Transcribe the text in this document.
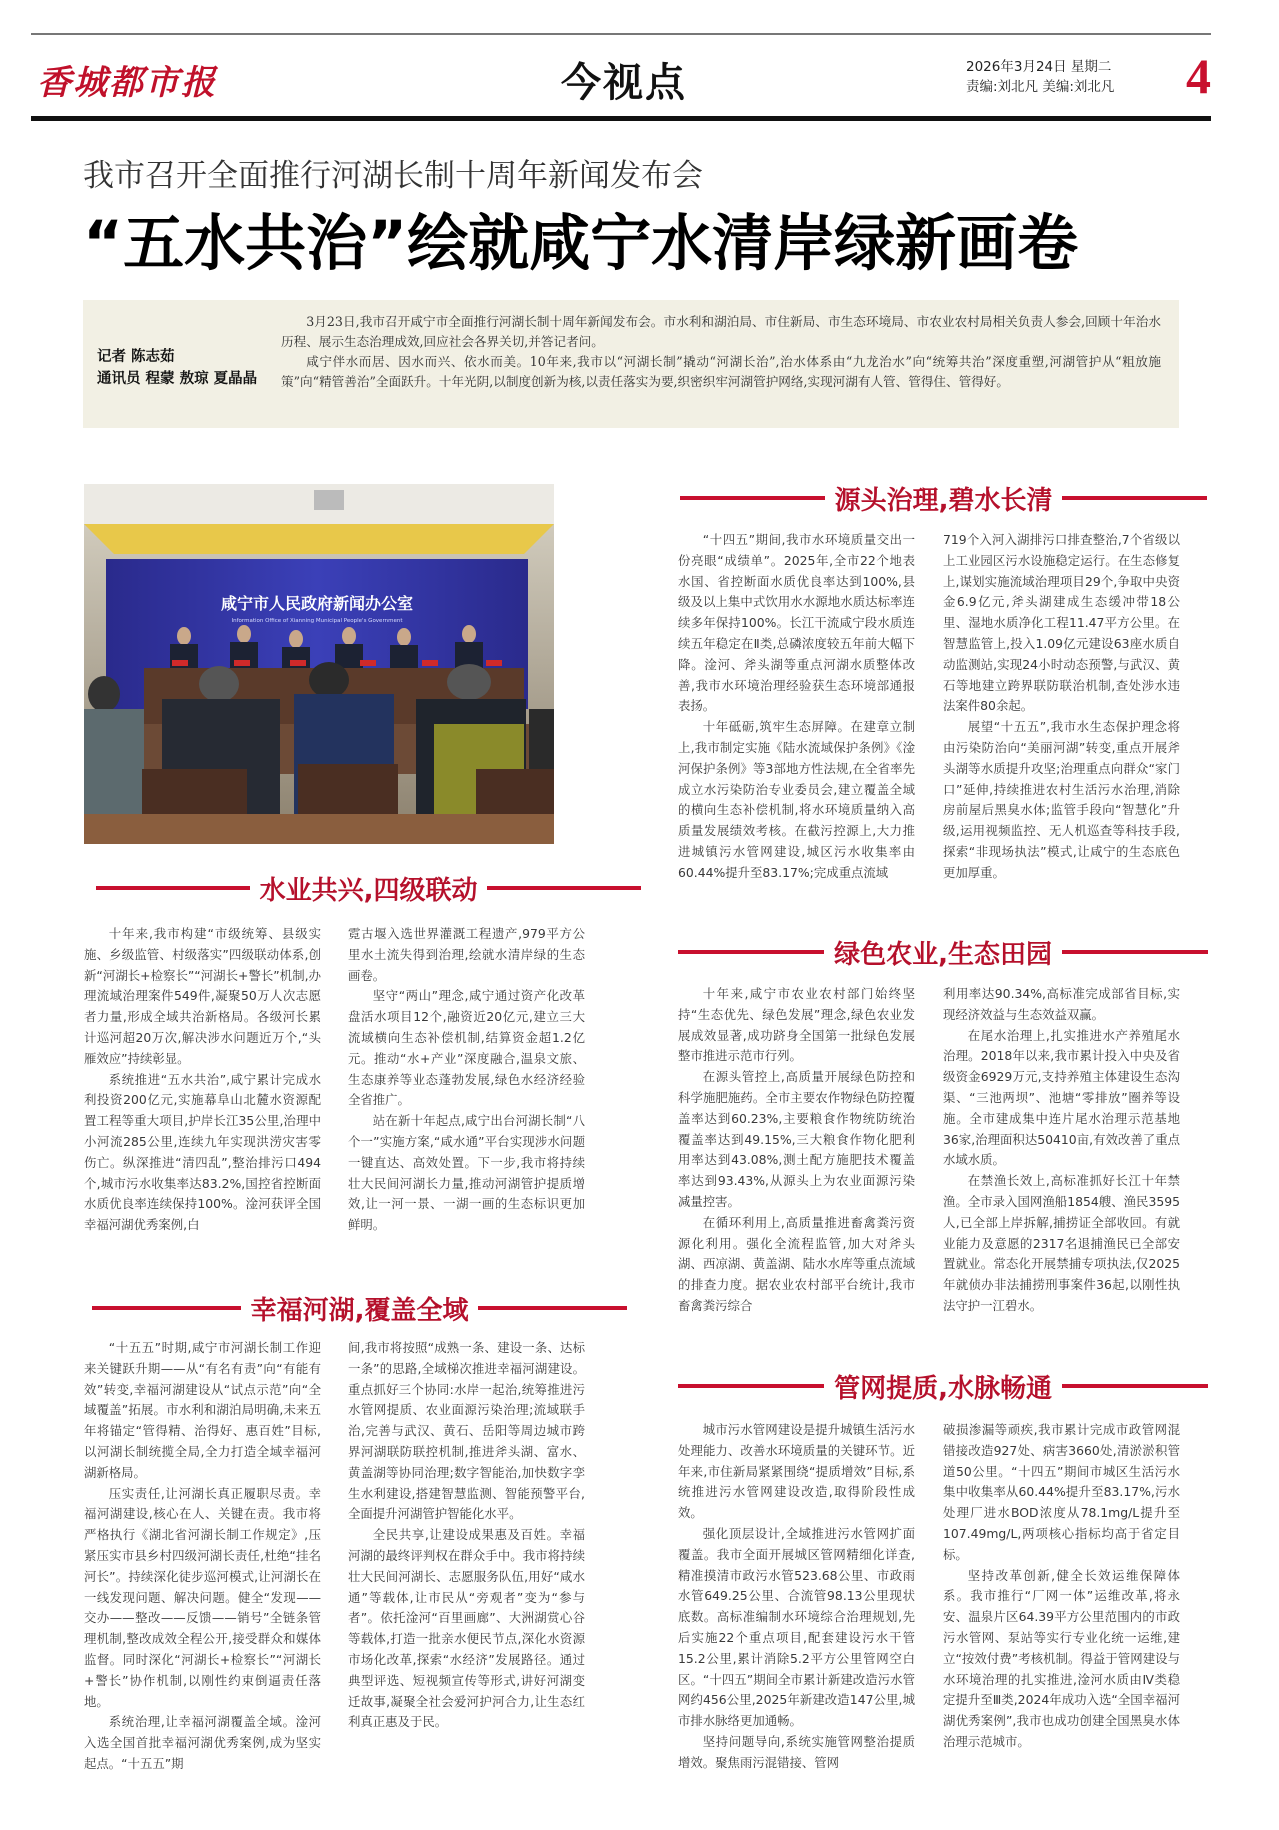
香城都市报	今视点	2026年3月24日 星期二
责编:刘北凡 美编:刘北凡 4
我市召开全面推行河湖长制十周年新闻发布会
“五水共治”绘就咸宁水清岸绿新画卷
记者 陈志茹
通讯员 程蒙 敖琼 夏晶晶

3月23日,我市召开咸宁市全面推行河湖长制十周年新闻发布会。市水利和湖泊局、市住新局、市生态环境局、市农业农村局相关负责人参会,回顾十年治水历程、展示生态治理成效,回应社会各界关切,并答记者问。

咸宁伴水而居、因水而兴、依水而美。10年来,我市以“河湖长制”撬动“河湖长治”,治水体系由“九龙治水”向“统筹共治”深度重塑,河湖管护从“粗放施策”向“精管善治”全面跃升。十年光阴,以制度创新为核,以责任落实为要,织密织牢河湖管护网络,实现河湖有人管、管得住、管得好。

咸宁市人民政府新闻办公室
Information Office of Xianning Municipal People's Government
水业共兴,四级联动

十年来,我市构建“市级统筹、县级实施、乡级监管、村级落实”四级联动体系,创新“河湖长+检察长”“河湖长+警长”机制,办理流域治理案件549件,凝聚50万人次志愿者力量,形成全域共治新格局。各级河长累计巡河超20万次,解决涉水问题近万个,“头雁效应”持续彰显。

系统推进“五水共治”,咸宁累计完成水利投资200亿元,实施幕阜山北麓水资源配置工程等重大项目,护岸长江35公里,治理中小河流285公里,连续九年实现洪涝灾害零伤亡。纵深推进“清四乱”,整治排污口494个,城市污水收集率达83.2%,国控省控断面水质优良率连续保持100%。淦河获评全国幸福河湖优秀案例,白

霓古堰入选世界灌溉工程遗产,979平方公里水土流失得到治理,绘就水清岸绿的生态画卷。

坚守“两山”理念,咸宁通过资产化改革盘活水项目12个,融资近20亿元,建立三大流域横向生态补偿机制,结算资金超1.2亿元。推动“水+产业”深度融合,温泉文旅、生态康养等业态蓬勃发展,绿色水经济经验全省推广。

站在新十年起点,咸宁出台河湖长制“八个一”实施方案,“咸水通”平台实现涉水问题一键直达、高效处置。下一步,我市将持续壮大民间河湖长力量,推动河湖管护提质增效,让一河一景、一湖一画的生态标识更加鲜明。

幸福河湖,覆盖全域

“十五五”时期,咸宁市河湖长制工作迎来关键跃升期——从“有名有责”向“有能有效”转变,幸福河湖建设从“试点示范”向“全域覆盖”拓展。市水利和湖泊局明确,未来五年将锚定“管得精、治得好、惠百姓”目标,以河湖长制统揽全局,全力打造全域幸福河湖新格局。

压实责任,让河湖长真正履职尽责。幸福河湖建设,核心在人、关键在责。我市将严格执行《湖北省河湖长制工作规定》,压紧压实市县乡村四级河湖长责任,杜绝“挂名河长”。持续深化徒步巡河模式,让河湖长在一线发现问题、解决问题。健全“发现——交办——整改——反馈——销号”全链条管理机制,整改成效全程公开,接受群众和媒体监督。同时深化“河湖长+检察长”“河湖长+警长”协作机制,以刚性约束倒逼责任落地。

系统治理,让幸福河湖覆盖全域。淦河入选全国首批幸福河湖优秀案例,成为坚实起点。“十五五”期

间,我市将按照“成熟一条、建设一条、达标一条”的思路,全域梯次推进幸福河湖建设。重点抓好三个协同:水岸一起治,统筹推进污水管网提质、农业面源污染治理;流域联手治,完善与武汉、黄石、岳阳等周边城市跨界河湖联防联控机制,推进斧头湖、富水、黄盖湖等协同治理;数字智能治,加快数字孪生水利建设,搭建智慧监测、智能预警平台,全面提升河湖管护智能化水平。

全民共享,让建设成果惠及百姓。幸福河湖的最终评判权在群众手中。我市将持续壮大民间河湖长、志愿服务队伍,用好“咸水通”等载体,让市民从“旁观者”变为“参与者”。依托淦河“百里画廊”、大洲湖赏心谷等载体,打造一批亲水便民节点,深化水资源市场化改革,探索“水经济”发展路径。通过典型评选、短视频宣传等形式,讲好河湖变迁故事,凝聚全社会爱河护河合力,让生态红利真正惠及于民。

源头治理,碧水长清

“十四五”期间,我市水环境质量交出一份亮眼“成绩单”。2025年,全市22个地表水国、省控断面水质优良率达到100%,县级及以上集中式饮用水水源地水质达标率连续多年保持100%。长江干流咸宁段水质连续五年稳定在Ⅱ类,总磷浓度较五年前大幅下降。淦河、斧头湖等重点河湖水质整体改善,我市水环境治理经验获生态环境部通报表扬。

十年砥砺,筑牢生态屏障。在建章立制上,我市制定实施《陆水流域保护条例》《淦河保护条例》等3部地方性法规,在全省率先成立水污染防治专业委员会,建立覆盖全域的横向生态补偿机制,将水环境质量纳入高质量发展绩效考核。在截污控源上,大力推进城镇污水管网建设,城区污水收集率由60.44%提升至83.17%;完成重点流域

719个入河入湖排污口排查整治,7个省级以上工业园区污水设施稳定运行。在生态修复上,谋划实施流域治理项目29个,争取中央资金6.9亿元,斧头湖建成生态缓冲带18公里、湿地水质净化工程11.47平方公里。在智慧监管上,投入1.09亿元建设63座水质自动监测站,实现24小时动态预警,与武汉、黄石等地建立跨界联防联治机制,查处涉水违法案件80余起。

展望“十五五”,我市水生态保护理念将由污染防治向“美丽河湖”转变,重点开展斧头湖等水质提升攻坚;治理重点向群众“家门口”延伸,持续推进农村生活污水治理,消除房前屋后黑臭水体;监管手段向“智慧化”升级,运用视频监控、无人机巡查等科技手段,探索“非现场执法”模式,让咸宁的生态底色更加厚重。

绿色农业,生态田园

十年来,咸宁市农业农村部门始终坚持“生态优先、绿色发展”理念,绿色农业发展成效显著,成功跻身全国第一批绿色发展整市推进示范市行列。

在源头管控上,高质量开展绿色防控和科学施肥施药。全市主要农作物绿色防控覆盖率达到60.23%,主要粮食作物统防统治覆盖率达到49.15%,三大粮食作物化肥利用率达到43.08%,测土配方施肥技术覆盖率达到93.43%,从源头上为农业面源污染减量控害。

在循环利用上,高质量推进畜禽粪污资源化利用。强化全流程监管,加大对斧头湖、西凉湖、黄盖湖、陆水水库等重点流域的排查力度。据农业农村部平台统计,我市畜禽粪污综合

利用率达90.34%,高标准完成部省目标,实现经济效益与生态效益双赢。

在尾水治理上,扎实推进水产养殖尾水治理。2018年以来,我市累计投入中央及省级资金6929万元,支持养殖主体建设生态沟渠、“三池两坝”、池塘“零排放”圈养等设施。全市建成集中连片尾水治理示范基地36家,治理面积达50410亩,有效改善了重点水域水质。

在禁渔长效上,高标准抓好长江十年禁渔。全市录入国网渔船1854艘、渔民3595人,已全部上岸拆解,捕捞证全部收回。有就业能力及意愿的2317名退捕渔民已全部安置就业。常态化开展禁捕专项执法,仅2025年就侦办非法捕捞刑事案件36起,以刚性执法守护一江碧水。

管网提质,水脉畅通

城市污水管网建设是提升城镇生活污水处理能力、改善水环境质量的关键环节。近年来,市住新局紧紧围绕“提质增效”目标,系统推进污水管网建设改造,取得阶段性成效。

强化顶层设计,全域推进污水管网扩面覆盖。我市全面开展城区管网精细化详查,精准摸清市政污水管523.68公里、市政雨水管649.25公里、合流管98.13公里现状底数。高标准编制水环境综合治理规划,先后实施22个重点项目,配套建设污水干管15.2公里,累计消除5.2平方公里管网空白区。“十四五”期间全市累计新建改造污水管网约456公里,2025年新建改造147公里,城市排水脉络更加通畅。

坚持问题导向,系统实施管网整治提质增效。聚焦雨污混错接、管网

破损渗漏等顽疾,我市累计完成市政管网混错接改造927处、病害3660处,清淤淤积管道50公里。“十四五”期间市城区生活污水集中收集率从60.44%提升至83.17%,污水处理厂进水BOD浓度从78.1mg/L提升至107.49mg/L,两项核心指标均高于省定目标。

坚持改革创新,健全长效运维保障体系。我市推行“厂网一体”运维改革,将永安、温泉片区64.39平方公里范围内的市政污水管网、泵站等实行专业化统一运维,建立“按效付费”考核机制。得益于管网建设与水环境治理的扎实推进,淦河水质由Ⅳ类稳定提升至Ⅲ类,2024年成功入选“全国幸福河湖优秀案例”,我市也成功创建全国黑臭水体治理示范城市。
